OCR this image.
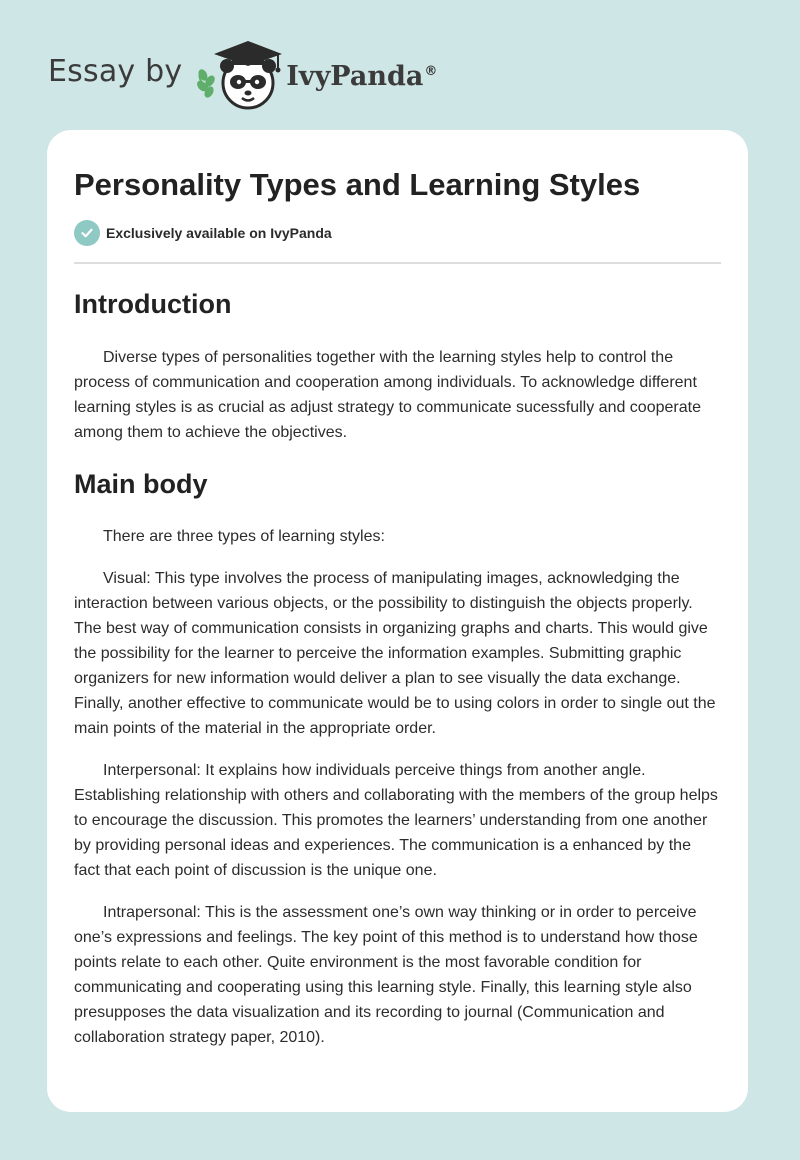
Essay by	IvyPanda®
Personality Types and Learning Styles
Exclusively available on IvyPanda
Introduction

Diverse types of personalities together with the learning styles help to control the process of communication and cooperation among individuals. To acknowledge different learning styles is as crucial as adjust strategy to communicate sucessfully and cooperate among them to achieve the objectives.

Main body

There are three types of learning styles:

Visual: This type involves the process of manipulating images, acknowledging the interaction between various objects, or the possibility to distinguish the objects properly. The best way of communication consists in organizing graphs and charts. This would give the possibility for the learner to perceive the information examples. Submitting graphic organizers for new information would deliver a plan to see visually the data exchange. Finally, another effective to communicate would be to using colors in order to single out the main points of the material in the appropriate order.

Interpersonal: It explains how individuals perceive things from another angle. Establishing relationship with others and collaborating with the members of the group helps to encourage the discussion. This promotes the learners’ understanding from one another by providing personal ideas and experiences. The communication is a enhanced by the fact that each point of discussion is the unique one.

Intrapersonal: This is the assessment one’s own way thinking or in order to perceive one’s expressions and feelings. The key point of this method is to understand how those points relate to each other. Quite environment is the most favorable condition for communicating and cooperating using this learning style. Finally, this learning style also presupposes the data visualization and its recording to journal (Communication and collaboration strategy paper, 2010).
